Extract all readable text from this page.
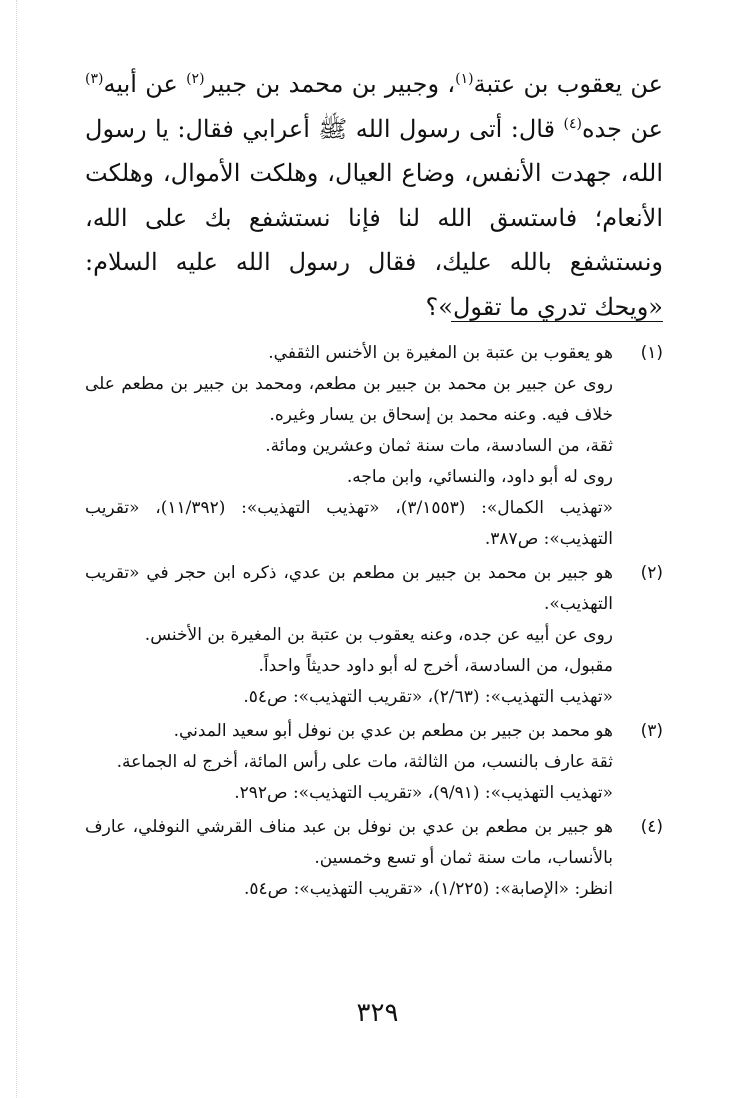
عن يعقوب بن عتبة$^{(١)}$، وجبير بن محمد بن جبير$^{(٢)}$ عن أبيه$^{(٣)}$ عن جده$^{(٤)}$ قال: أتى رسول الله ﷺ أعرابي فقال: يا رسول الله، جهدت الأنفس، وضاع العيال، وهلكت الأموال، وهلكت الأنعام؛ فاستسق الله لنا فإنا نستشفع بك على الله، ونستشفع بالله عليك، فقال رسول الله عليه السلام: «ويحك تدري ما تقول»؟

(١)
هو يعقوب بن عتبة بن المغيرة بن الأخنس الثقفي.
روى عن جبير بن محمد بن جبير بن مطعم، ومحمد بن جبير بن مطعم على خلاف فيه. وعنه محمد بن إسحاق بن يسار وغيره.
ثقة، من السادسة، مات سنة ثمان وعشرين ومائة.
روى له أبو داود، والنسائي، وابن ماجه.
«تهذيب الكمال»: (٣/١٥٥٣)، «تهذيب التهذيب»: (١١/٣٩٢)، «تقريب التهذيب»: ص٣٨٧.
(٢)
هو جبير بن محمد بن جبير بن مطعم بن عدي، ذكره ابن حجر في «تقريب التهذيب».
روى عن أبيه عن جده، وعنه يعقوب بن عتبة بن المغيرة بن الأخنس.
مقبول، من السادسة، أخرج له أبو داود حديثاً واحداً.
«تهذيب التهذيب»: (٢/٦٣)، «تقريب التهذيب»: ص٥٤.
(٣)
هو محمد بن جبير بن مطعم بن عدي بن نوفل أبو سعيد المدني.
ثقة عارف بالنسب، من الثالثة، مات على رأس المائة، أخرج له الجماعة.
«تهذيب التهذيب»: (٩/٩١)، «تقريب التهذيب»: ص٢٩٢.
(٤)
هو جبير بن مطعم بن عدي بن نوفل بن عبد مناف القرشي النوفلي، عارف بالأنساب، مات سنة ثمان أو تسع وخمسين.
انظر: «الإصابة»: (١/٢٢٥)، «تقريب التهذيب»: ص٥٤.
٣٢٩
